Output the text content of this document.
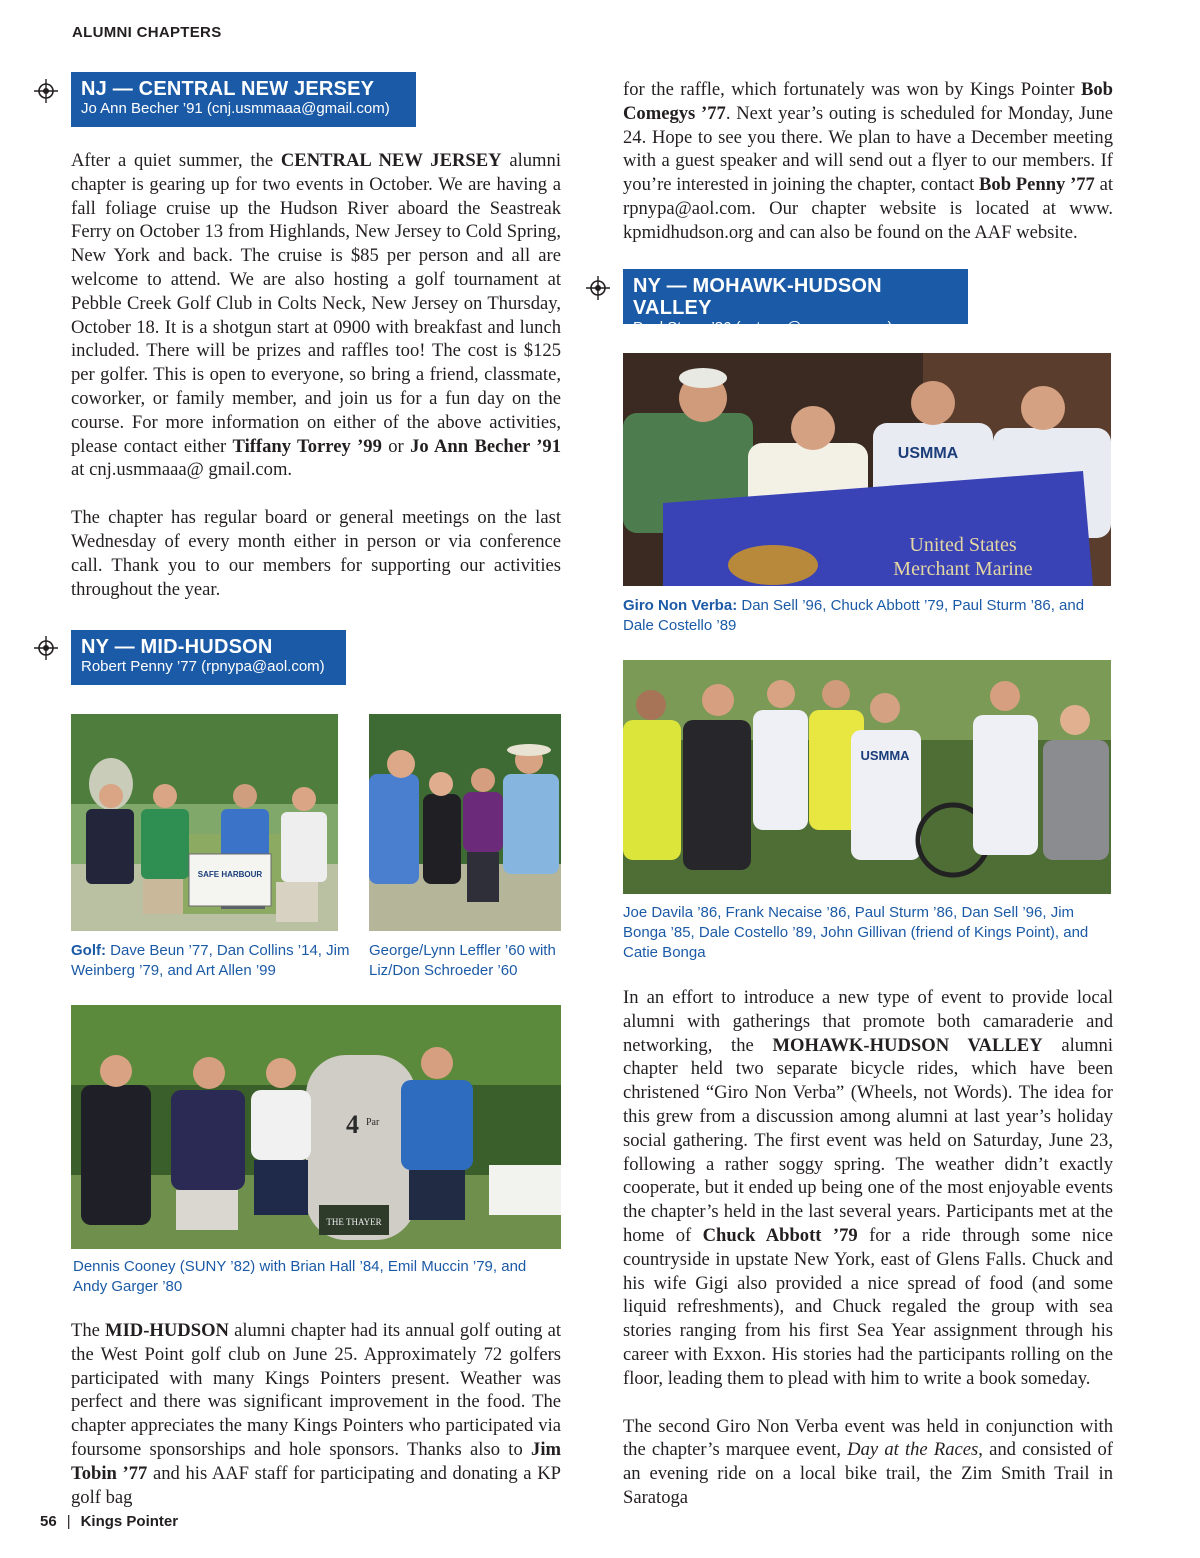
ALUMNI CHAPTERS
NJ — CENTRAL NEW JERSEY
Jo Ann Becher ’91 (cnj.usmmaaa@gmail.com)

After a quiet summer, the CENTRAL NEW JERSEY alumni chapter is gearing up for two events in October. We are having a fall foliage cruise up the Hudson River aboard the Seastreak Ferry on October 13 from Highlands, New Jersey to Cold Spring, New York and back. The cruise is $85 per person and all are welcome to attend. We are also hosting a golf tournament at Pebble Creek Golf Club in Colts Neck, New Jersey on Thursday, October 18. It is a shotgun start at 0900 with breakfast and lunch included. There will be prizes and raffles too! The cost is $125 per golfer. This is open to everyone, so bring a friend, classmate, coworker, or family member, and join us for a fun day on the course. For more information on either of the above activities, please contact either Tiffany Torrey ’99 or Jo Ann Becher ’91 at cnj.usmmaaa@ gmail.com.

The chapter has regular board or general meetings on the last Wednesday of every month either in person or via conference call. Thank you to our members for supporting our activities throughout the year.

NY — MID-HUDSON
Robert Penny ’77 (rpnypa@aol.com)
SAFE HARBOUR
Golf: Dave Beun ’77, Dan Collins ’14, Jim Weinberg ’79, and Art Allen ’99
George/Lynn Leffler ’60 with Liz/Don Schroeder ’60
4 Par
THE THAYER
Dennis Cooney (SUNY ’82) with Brian Hall ’84, Emil Muccin ’79, and Andy Garger ’80

The MID-HUDSON alumni chapter had its annual golf outing at the West Point golf club on June 25. Approximately 72 golfers participated with many Kings Pointers present. Weather was perfect and there was significant improvement in the food. The chapter appreciates the many Kings Pointers who participated via foursome sponsorships and hole sponsors. Thanks also to Jim Tobin ’77 and his AAF staff for participating and donating a KP golf bag

for the raffle, which fortunately was won by Kings Pointer Bob Comegys ’77. Next year’s outing is scheduled for Monday, June 24. Hope to see you there. We plan to have a December meeting with a guest speaker and will send out a flyer to our members. If you’re interested in joining the chapter, contact Bob Penny ’77 at rpnypa@aol.com. Our chapter website is located at www. kpmidhudson.org and can also be found on the AAF website.

NY — MOHAWK-HUDSON VALLEY
Paul Sturm ’86 (psturm@nycap.rr.com)
USMMA
United States
Merchant Marine
Giro Non Verba: Dan Sell ’96, Chuck Abbott ’79, Paul Sturm ’86, and Dale Costello ’89
USMMA
Joe Davila ’86, Frank Necaise ’86, Paul Sturm ’86, Dan Sell ’96, Jim Bonga ’85, Dale Costello ’89, John Gillivan (friend of Kings Point), and Catie Bonga

In an effort to introduce a new type of event to provide local alumni with gatherings that promote both camaraderie and networking, the MOHAWK-HUDSON VALLEY alumni chapter held two separate bicycle rides, which have been christened “Giro Non Verba” (Wheels, not Words). The idea for this grew from a discussion among alumni at last year’s holiday social gathering. The first event was held on Saturday, June 23, following a rather soggy spring. The weather didn’t exactly cooperate, but it ended up being one of the most enjoyable events the chapter’s held in the last several years. Participants met at the home of Chuck Abbott ’79 for a ride through some nice countryside in upstate New York, east of Glens Falls. Chuck and his wife Gigi also provided a nice spread of food (and some liquid refreshments), and Chuck regaled the group with sea stories ranging from his first Sea Year assignment through his career with Exxon. His stories had the participants rolling on the floor, leading them to plead with him to write a book someday.

The second Giro Non Verba event was held in conjunction with the chapter’s marquee event, Day at the Races, and consisted of an evening ride on a local bike trail, the Zim Smith Trail in Saratoga

56 | Kings Pointer
